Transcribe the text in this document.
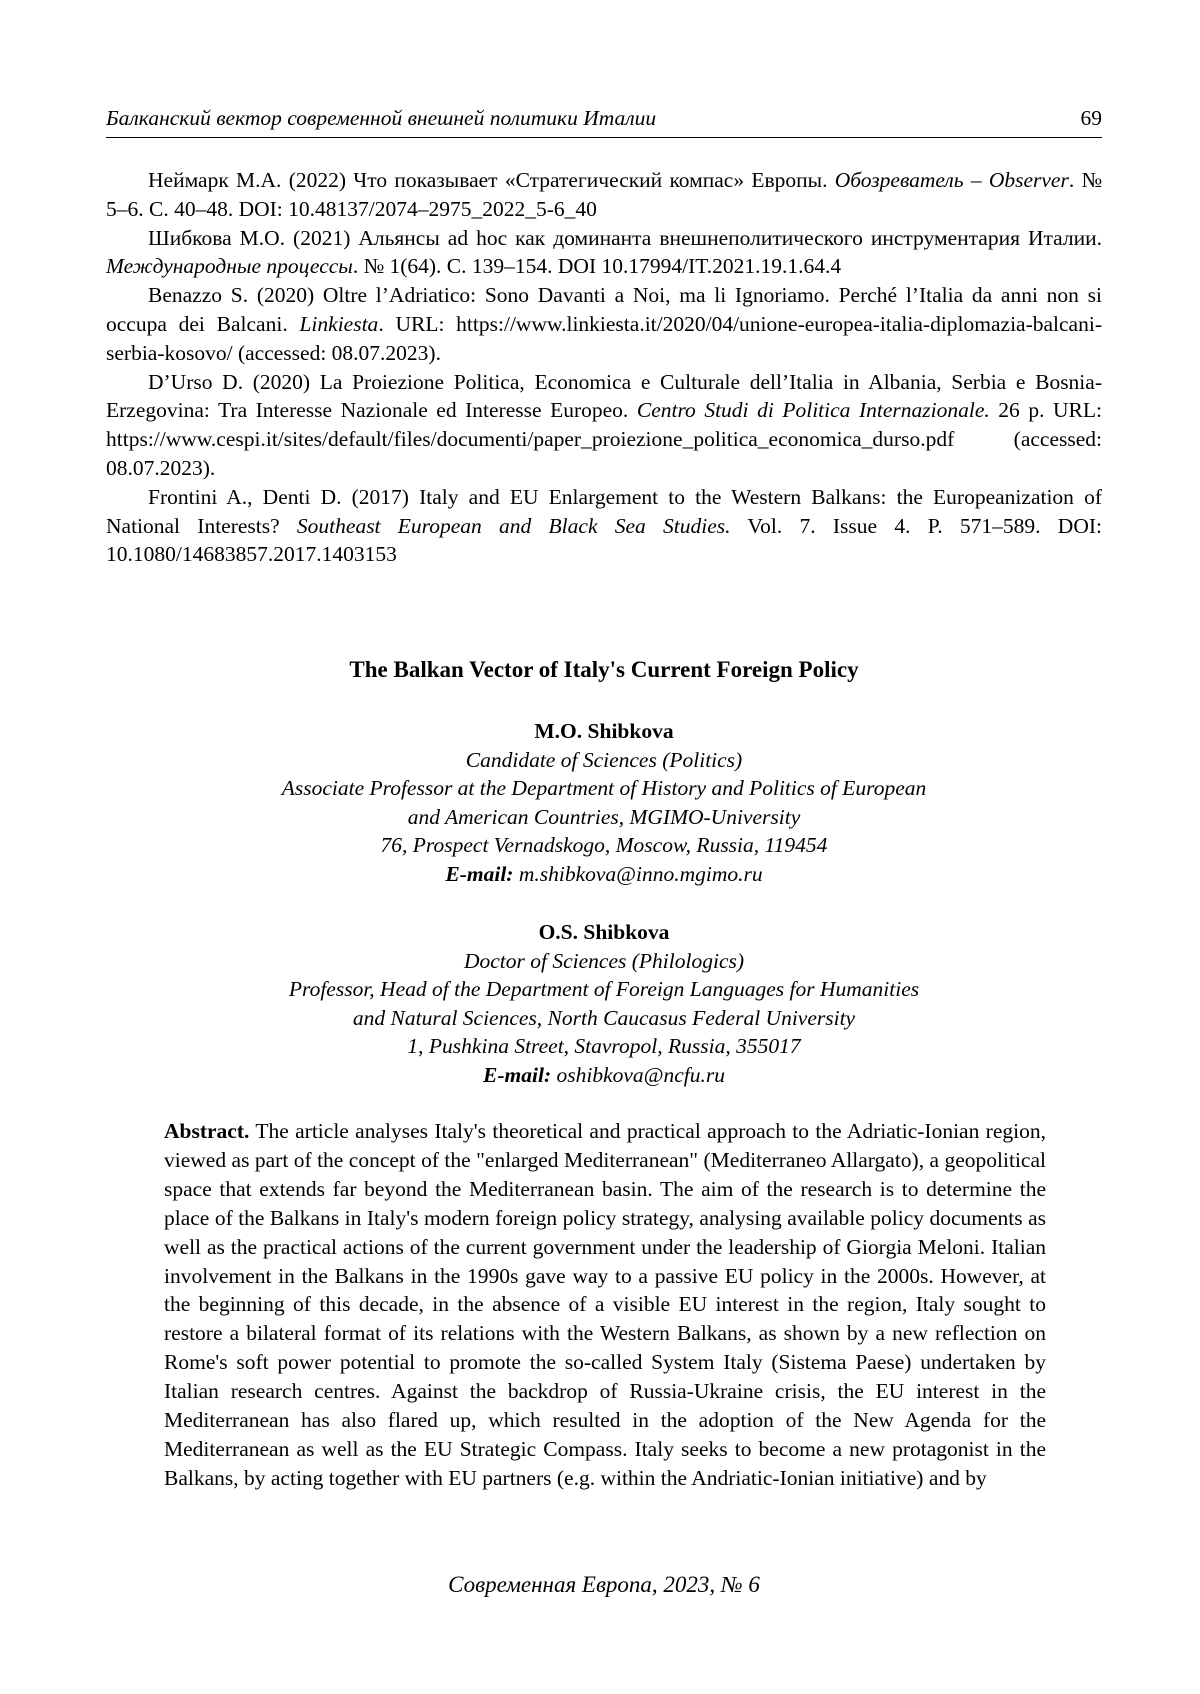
Балканский вектор современной внешней политики Италии	69

Неймарк М.А. (2022) Что показывает «Стратегический компас» Европы. Обозреватель – Observer. № 5–6. С. 40–48. DOI: 10.48137/2074–2975_2022_5-6_40

Шибкова М.О. (2021) Альянсы ad hoc как доминанта внешнеполитического инструментария Италии. Международные процессы. № 1(64). С. 139–154. DOI 10.17994/IT.2021.19.1.64.4

Benazzo S. (2020) Oltre l’Adriatico: Sono Davanti a Noi, ma li Ignoriamo. Perché l’Italia da anni non si occupa dei Balcani. Linkiesta. URL: https://www.linkiesta.it/2020/04/unione-europea-italia-diplomazia-balcani-serbia-kosovo/ (accessed: 08.07.2023).

D’Urso D. (2020) La Proiezione Politica, Economica e Culturale dell’Italia in Albania, Serbia e Bosnia-Erzegovina: Tra Interesse Nazionale ed Interesse Europeo. Centro Studi di Politica Internazionale. 26 p. URL: https://www.cespi.it/sites/default/files/documenti/paper_proiezione_politica_economica_durso.pdf (accessed: 08.07.2023).

Frontini A., Denti D. (2017) Italy and EU Enlargement to the Western Balkans: the Europeanization of National Interests? Southeast European and Black Sea Studies. Vol. 7. Issue 4. P. 571–589. DOI: 10.1080/14683857.2017.1403153

The Balkan Vector of Italy's Current Foreign Policy
M.O. Shibkova
Candidate of Sciences (Politics)
Associate Professor at the Department of History and Politics of European
and American Countries, MGIMO-University
76, Prospect Vernadskogo, Moscow, Russia, 119454
E-mail: m.shibkova@inno.mgimo.ru
O.S. Shibkova
Doctor of Sciences (Philologics)
Professor, Head of the Department of Foreign Languages for Humanities
and Natural Sciences, North Caucasus Federal University
1, Pushkina Street, Stavropol, Russia, 355017
E-mail: oshibkova@ncfu.ru

Abstract. The article analyses Italy's theoretical and practical approach to the Adriatic-Ionian region, viewed as part of the concept of the "enlarged Mediterranean" (Mediterraneo Allargato), a geopolitical space that extends far beyond the Mediterranean basin. The aim of the research is to determine the place of the Balkans in Italy's modern foreign policy strategy, analysing available policy documents as well as the practical actions of the current government under the leadership of Giorgia Meloni. Italian involvement in the Balkans in the 1990s gave way to a passive EU policy in the 2000s. However, at the beginning of this decade, in the absence of a visible EU interest in the region, Italy sought to restore a bilateral format of its relations with the Western Balkans, as shown by a new reflection on Rome's soft power potential to promote the so-called System Italy (Sistema Paese) undertaken by Italian research centres. Against the backdrop of Russia-Ukraine crisis, the EU interest in the Mediterranean has also flared up, which resulted in the adoption of the New Agenda for the Mediterranean as well as the EU Strategic Compass. Italy seeks to become a new protagonist in the Balkans, by acting together with EU partners (e.g. within the Andriatic-Ionian initiative) and by

Современная Европа, 2023, № 6
